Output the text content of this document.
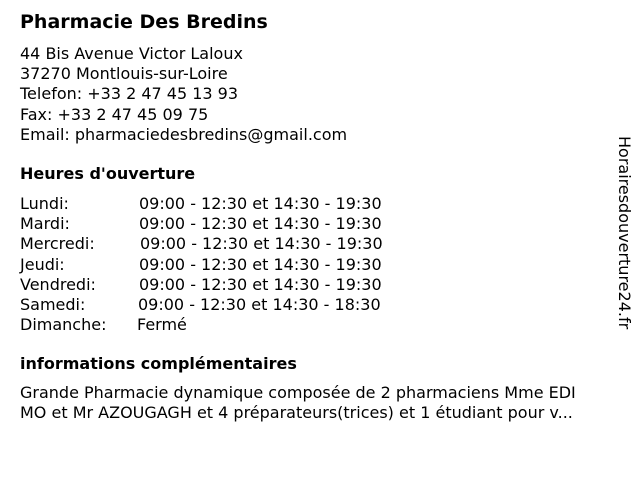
Pharmacie Des Bredins
44 Bis Avenue Victor Laloux
37270 Montlouis-sur-Loire
Telefon: +33 2 47 45 13 93
Fax: +33 2 47 45 09 75
Email: pharmaciedesbredins@gmail.com
Heures d'ouverture
Lundi:	09:00 - 12:30 et 14:30 - 19:30
Mardi:	09:00 - 12:30 et 14:30 - 19:30
Mercredi:	09:00 - 12:30 et 14:30 - 19:30
Jeudi:	09:00 - 12:30 et 14:30 - 19:30
Vendredi:	09:00 - 12:30 et 14:30 - 19:30
Samedi:	09:00 - 12:30 et 14:30 - 18:30
Dimanche: Fermé
informations complémentaires
Grande Pharmacie dynamique composée de 2 pharmaciens Mme EDI
MO et Mr AZOUGAGH et 4 préparateurs(trices) et 1 étudiant pour v...
Horairesdouverture24.fr
